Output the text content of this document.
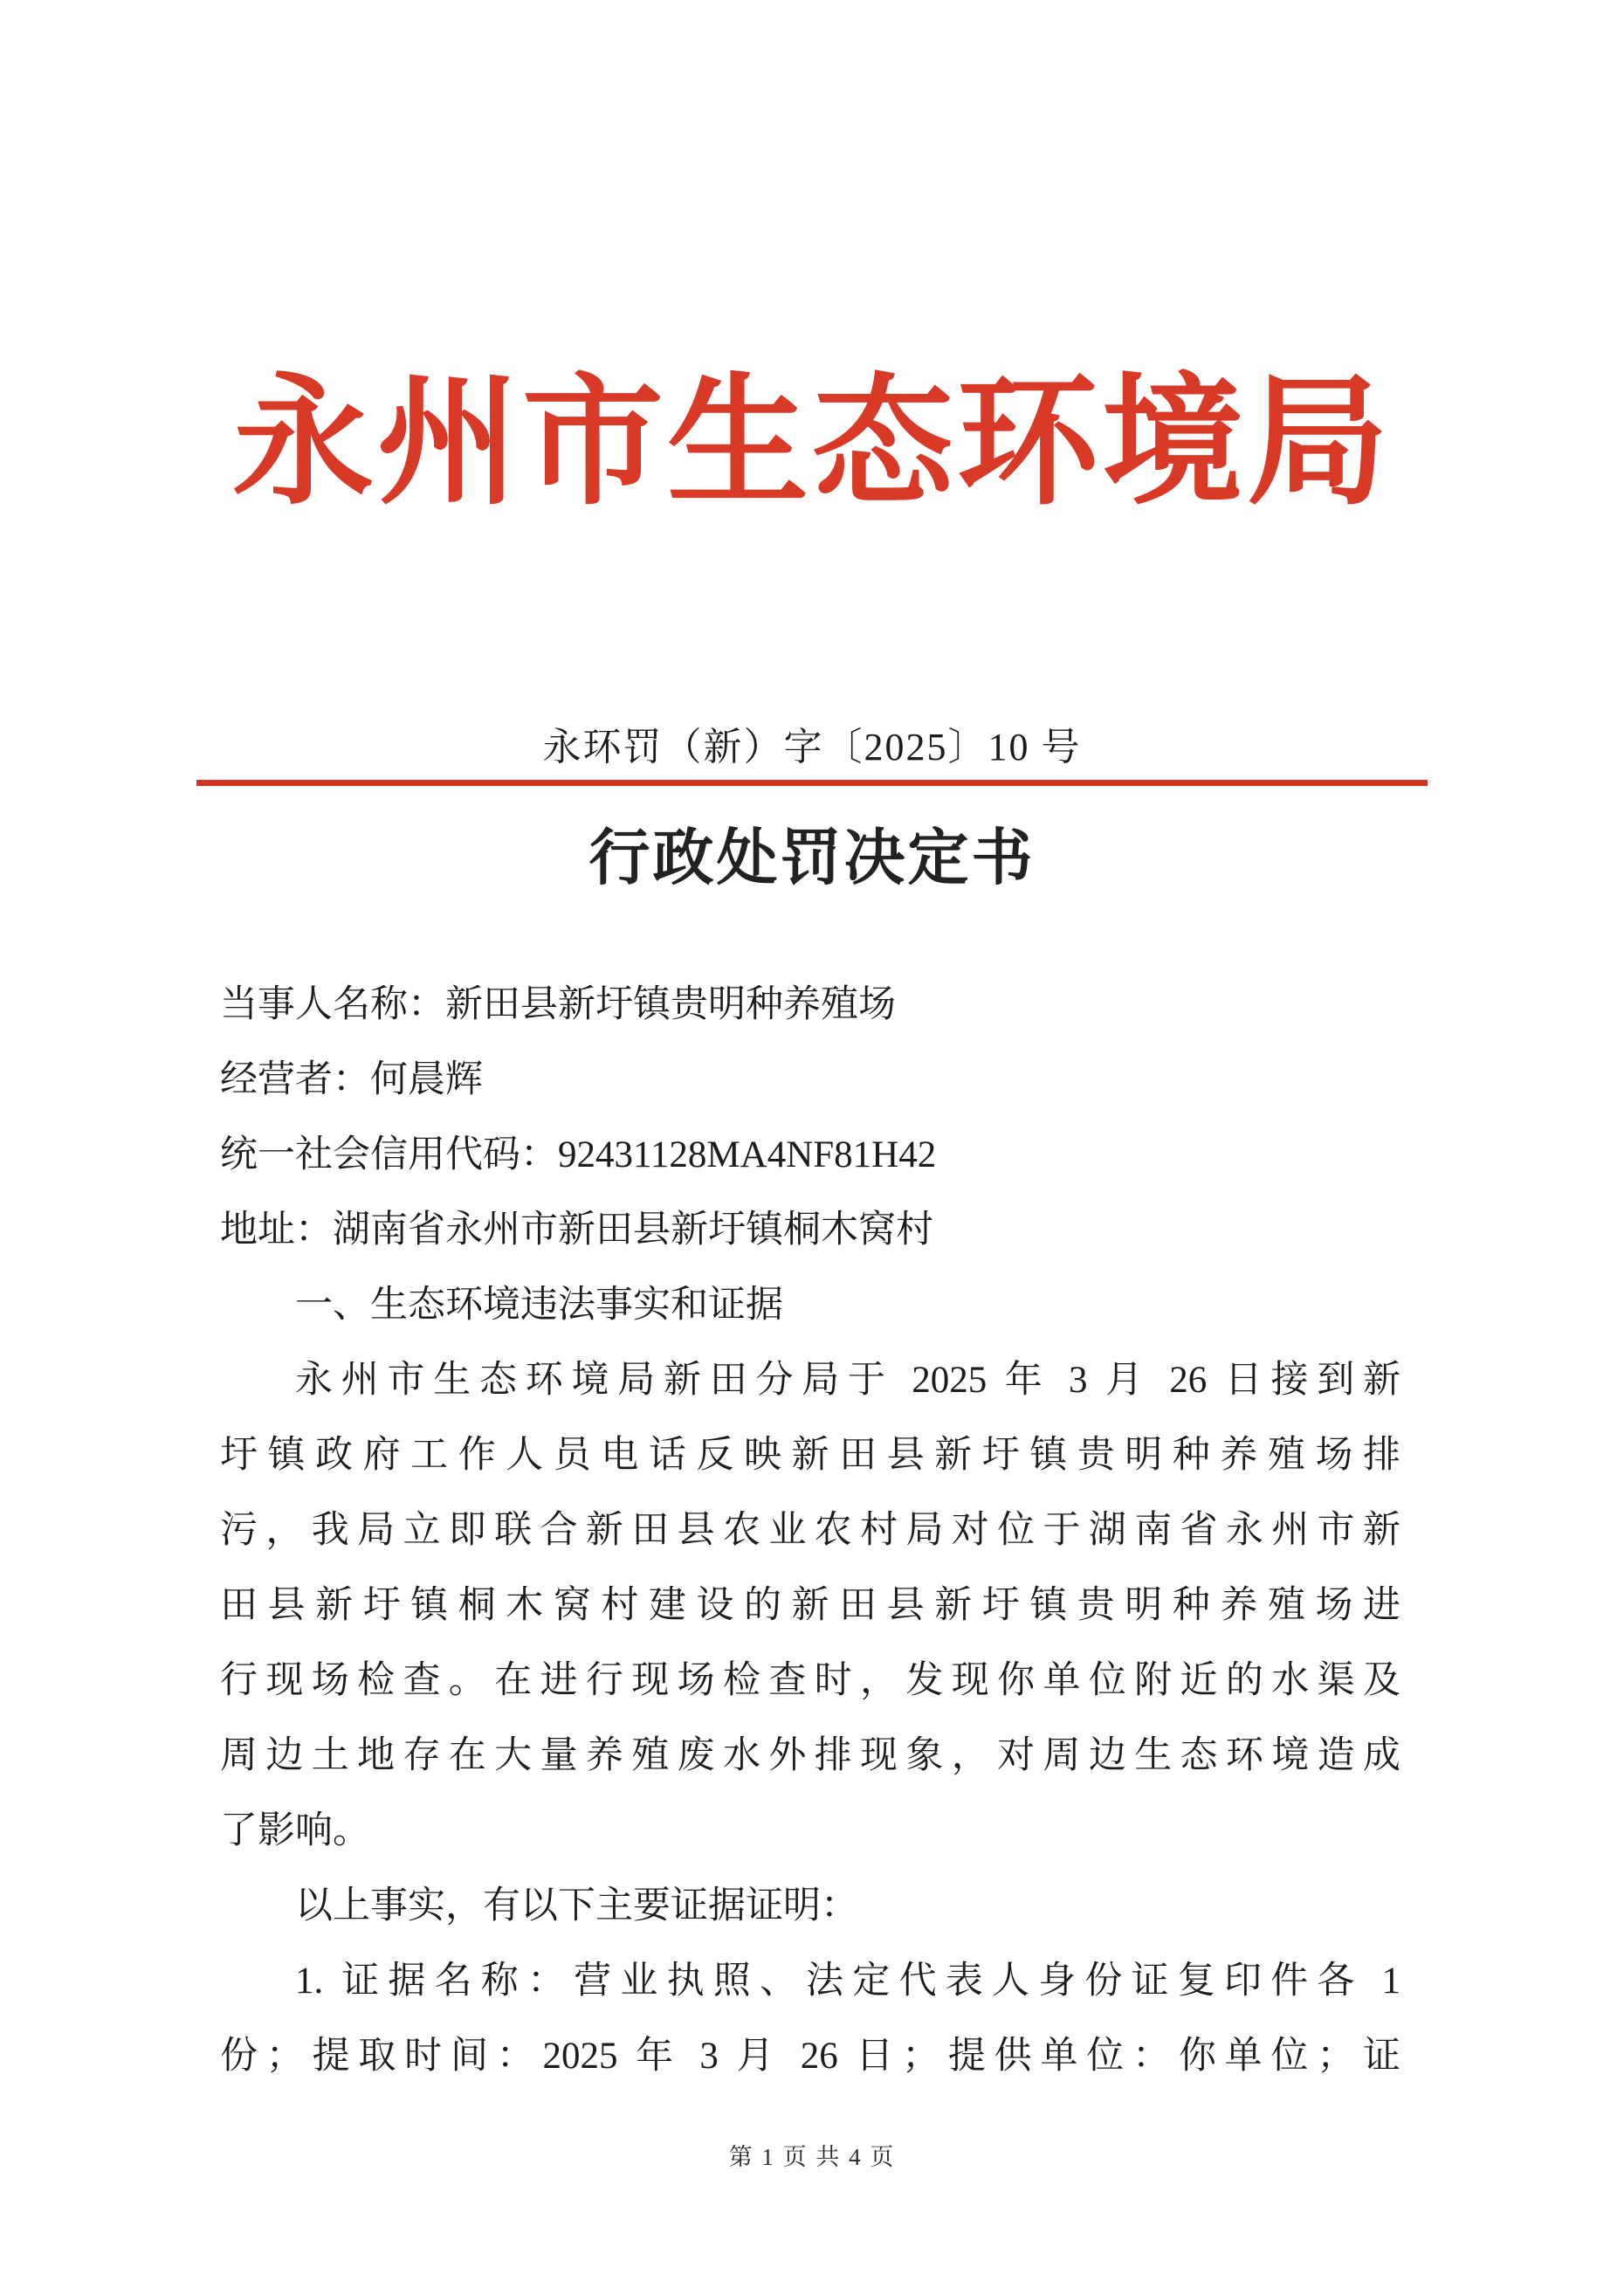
永州市生态环境局
永环罚（新）字〔2025〕10 号
行政处罚决定书
当事人名称：新田县新圩镇贵明种养殖场
经营者：何晨辉
统一社会信用代码：92431128MA4NF81H42
地址：湖南省永州市新田县新圩镇桐木窝村
一、生态环境违法事实和证据
永州市生态环境局新田分局于 2025 年 3 月 26 日接到新
圩镇政府工作人员电话反映新田县新圩镇贵明种养殖场排
污，我局立即联合新田县农业农村局对位于湖南省永州市新
田县新圩镇桐木窝村建设的新田县新圩镇贵明种养殖场进
行现场检查。在进行现场检查时，发现你单位附近的水渠及
周边土地存在大量养殖废水外排现象，对周边生态环境造成
了影响。
以上事实，有以下主要证据证明：
1. 证据名称：营业执照、法定代表人身份证复印件各 1
份；提取时间：2025 年 3 月 26 日；提供单位：你单位；证
第 1 页 共 4 页
